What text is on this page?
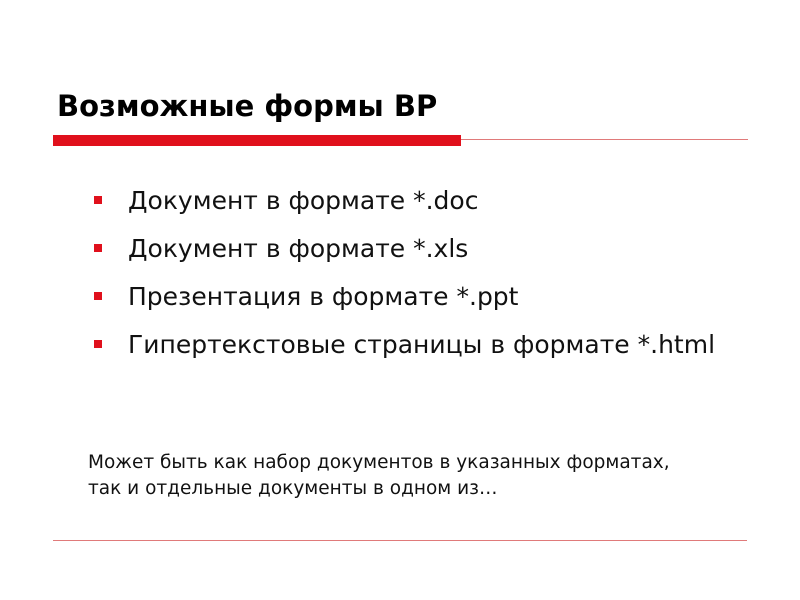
Возможные формы ВР
Документ в формате *.doc
Документ в формате *.xls
Презентация в формате *.ppt
Гипертекстовые страницы в формате *.html

Может быть как набор документов в указанных форматах,
так и отдельные документы в одном из…
